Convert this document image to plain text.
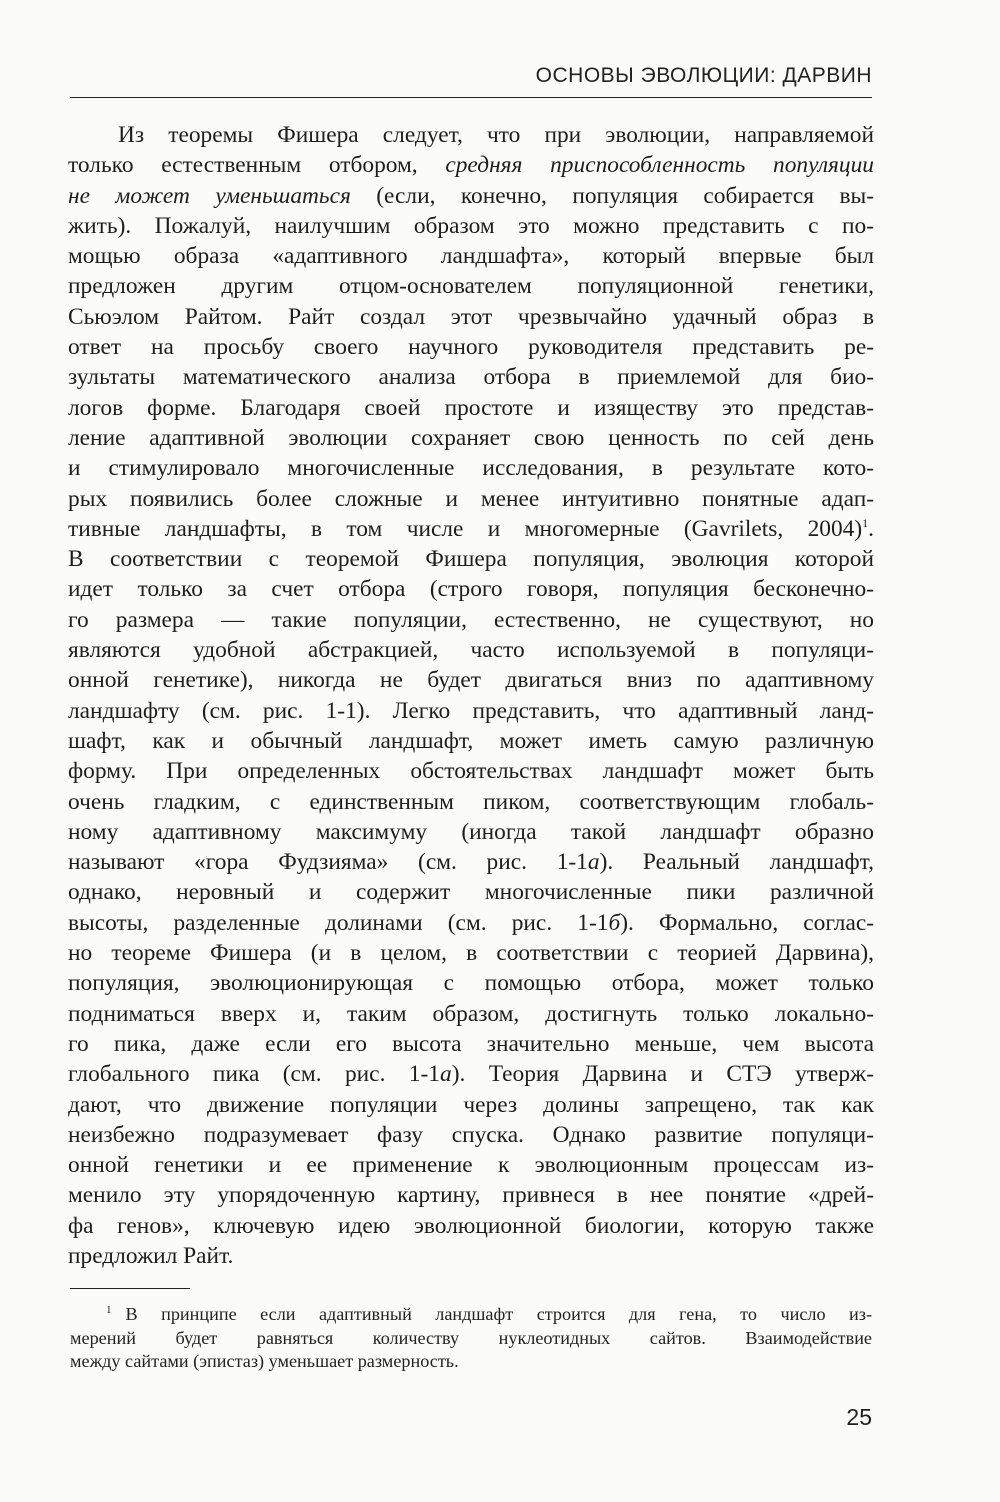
ОСНОВЫ ЭВОЛЮЦИИ: ДАРВИН
Из теоремы Фишера следует, что при эволюции, направляемой
только естественным отбором, средняя приспособленность популяции
не может уменьшаться (если, конечно, популяция собирается вы-
жить). Пожалуй, наилучшим образом это можно представить с по-
мощью образа «адаптивного ландшафта», который впервые был
предложен другим отцом-основателем популяционной генетики,
Сьюэлом Райтом. Райт создал этот чрезвычайно удачный образ в
ответ на просьбу своего научного руководителя представить ре-
зультаты математического анализа отбора в приемлемой для био-
логов форме. Благодаря своей простоте и изяществу это представ-
ление адаптивной эволюции сохраняет свою ценность по сей день
и стимулировало многочисленные исследования, в результате кото-
рых появились более сложные и менее интуитивно понятные адап-
тивные ландшафты, в том числе и многомерные (Gavrilets, 2004)$^1$.
В соответствии с теоремой Фишера популяция, эволюция которой
идет только за счет отбора (строго говоря, популяция бесконечно-
го размера — такие популяции, естественно, не существуют, но
являются удобной абстракцией, часто используемой в популяци-
онной генетике), никогда не будет двигаться вниз по адаптивному
ландшафту (см. рис. 1-1). Легко представить, что адаптивный ланд-
шафт, как и обычный ландшафт, может иметь самую различную
форму. При определенных обстоятельствах ландшафт может быть
очень гладким, с единственным пиком, соответствующим глобаль-
ному адаптивному максимуму (иногда такой ландшафт образно
называют «гора Фудзияма» (см. рис. 1-1а). Реальный ландшафт,
однако, неровный и содержит многочисленные пики различной
высоты, разделенные долинами (см. рис. 1-1б). Формально, соглас-
но теореме Фишера (и в целом, в соответствии с теорией Дарвина),
популяция, эволюционирующая с помощью отбора, может только
подниматься вверх и, таким образом, достигнуть только локально-
го пика, даже если его высота значительно меньше, чем высота
глобального пика (см. рис. 1-1а). Теория Дарвина и СТЭ утверж-
дают, что движение популяции через долины запрещено, так как
неизбежно подразумевает фазу спуска. Однако развитие популяци-
онной генетики и ее применение к эволюционным процессам из-
менило эту упорядоченную картину, привнеся в нее понятие «дрей-
фа генов», ключевую идею эволюционной биологии, которую также
предложил Райт.
$^1$ В принципе если адаптивный ландшафт строится для гена, то число из-
мерений будет равняться количеству нуклеотидных сайтов. Взаимодействие
между сайтами (эпистаз) уменьшает размерность.
25
